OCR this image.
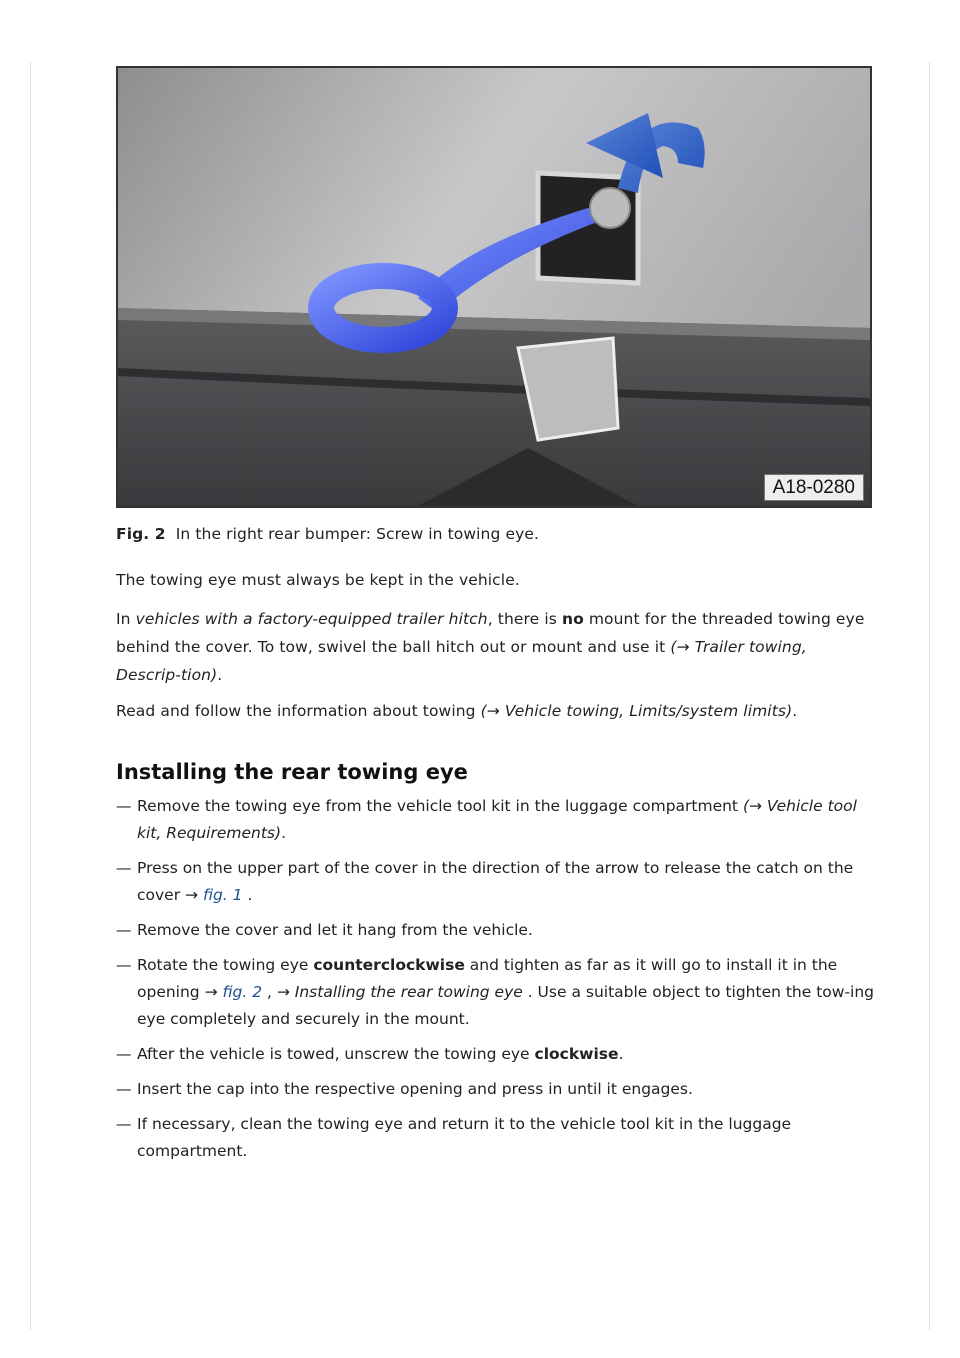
A18-0280
Fig. 2 In the right rear bumper: Screw in towing eye.
The towing eye must always be kept in the vehicle.
In vehicles with a factory-equipped trailer hitch, there is no mount for the threaded towing eye behind the cover. To tow, swivel the ball hitch out or mount and use it (→ Trailer towing, Descrip-tion).
Read and follow the information about towing (→ Vehicle towing, Limits/system limits).
Installing the rear towing eye
— Remove the towing eye from the vehicle tool kit in the luggage compartment (→ Vehicle tool kit, Requirements).
— Press on the upper part of the cover in the direction of the arrow to release the catch on the cover → fig. 1 .
— Remove the cover and let it hang from the vehicle.
— Rotate the towing eye counterclockwise and tighten as far as it will go to install it in the opening → fig. 2 , → Installing the rear towing eye . Use a suitable object to tighten the tow-ing eye completely and securely in the mount.
— After the vehicle is towed, unscrew the towing eye clockwise.
— Insert the cap into the respective opening and press in until it engages.
— If necessary, clean the towing eye and return it to the vehicle tool kit in the luggage compartment.
